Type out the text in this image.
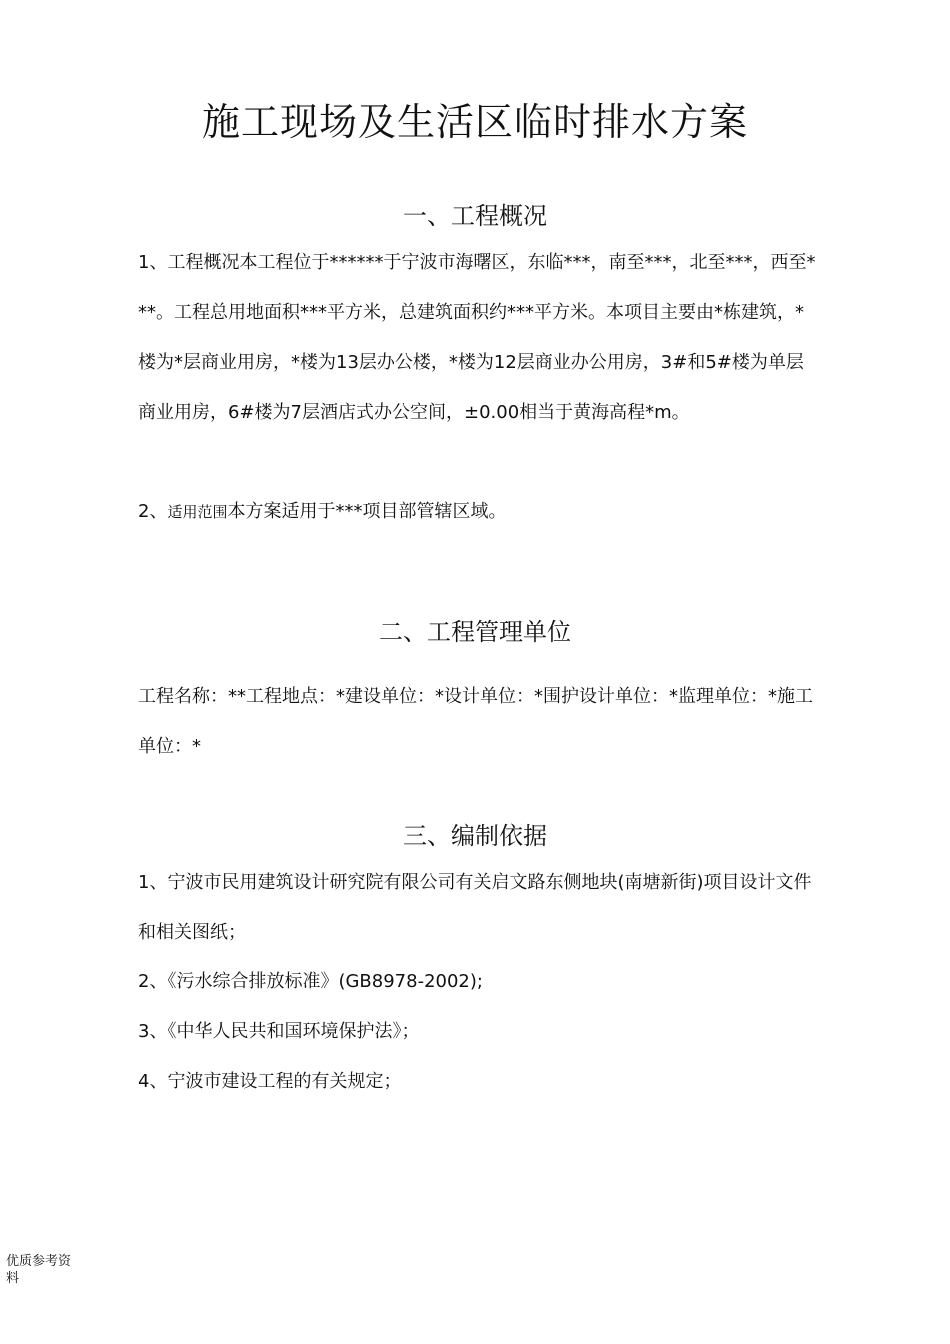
施工现场及生活区临时排水方案
一、工程概况

1、工程概况本工程位于******于宁波市海曙区，东临***，南至***，北至***，西至***。工程总用地面积***平方米，总建筑面积约***平方米。本项目主要由*栋建筑，*楼为*层商业用房，*楼为13层办公楼，*楼为12层商业办公用房，3#和5#楼为单层商业用房，6#楼为7层酒店式办公空间，±0.00相当于黄海高程*m。

2、适用范围本方案适用于***项目部管辖区域。

二、工程管理单位

工程名称：**工程地点：*建设单位：*设计单位：*围护设计单位：*监理单位：*施工单位：*

三、编制依据

1、宁波市民用建筑设计研究院有限公司有关启文路东侧地块(南塘新街)项目设计文件和相关图纸；

2、《污水综合排放标准》(GB8978-2002);

3、《中华人民共和国环境保护法》；

4、宁波市建设工程的有关规定；

优质参考资料
